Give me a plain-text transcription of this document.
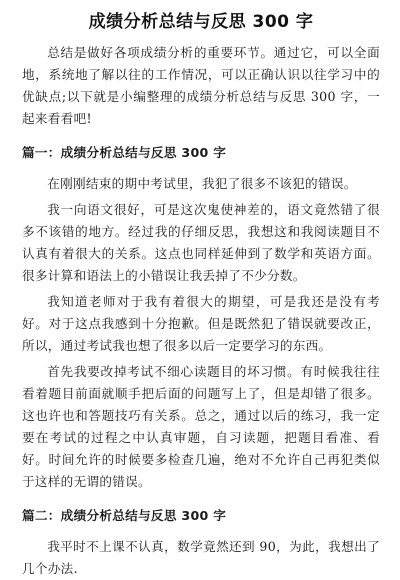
成绩分析总结与反思 300 字

总结是做好各项成绩分析的重要环节。通过它，可以全面地，系统地了解以往的工作情况，可以正确认识以往学习中的优缺点;以下就是小编整理的成绩分析总结与反思 300 字，一起来看看吧!

篇一：成绩分析总结与反思 300 字

在刚刚结束的期中考试里，我犯了很多不该犯的错误。

我一向语文很好，可是这次鬼使神差的，语文竟然错了很多不该错的地方。经过我的仔细反思，我想这和我阅读题目不认真有着很大的关系。这点也同样延伸到了数学和英语方面。很多计算和语法上的小错误让我丢掉了不少分数。

我知道老师对于我有着很大的期望，可是我还是没有考好。对于这点我感到十分抱歉。但是既然犯了错误就要改正，所以，通过考试我也想了很多以后一定要学习的东西。

首先我要改掉考试不细心读题目的坏习惯。有时候我往往看着题目前面就顺手把后面的问题写上了，但是却错了很多。这也许也和答题技巧有关系。总之，通过以后的练习，我一定要在考试的过程之中认真审题，自习读题，把题目看准、看好。时间允许的时候要多检查几遍，绝对不允许自己再犯类似于这样的无谓的错误。

篇二：成绩分析总结与反思 300 字

我平时不上课不认真，数学竟然还到 90，为此，我想出了几个办法.
